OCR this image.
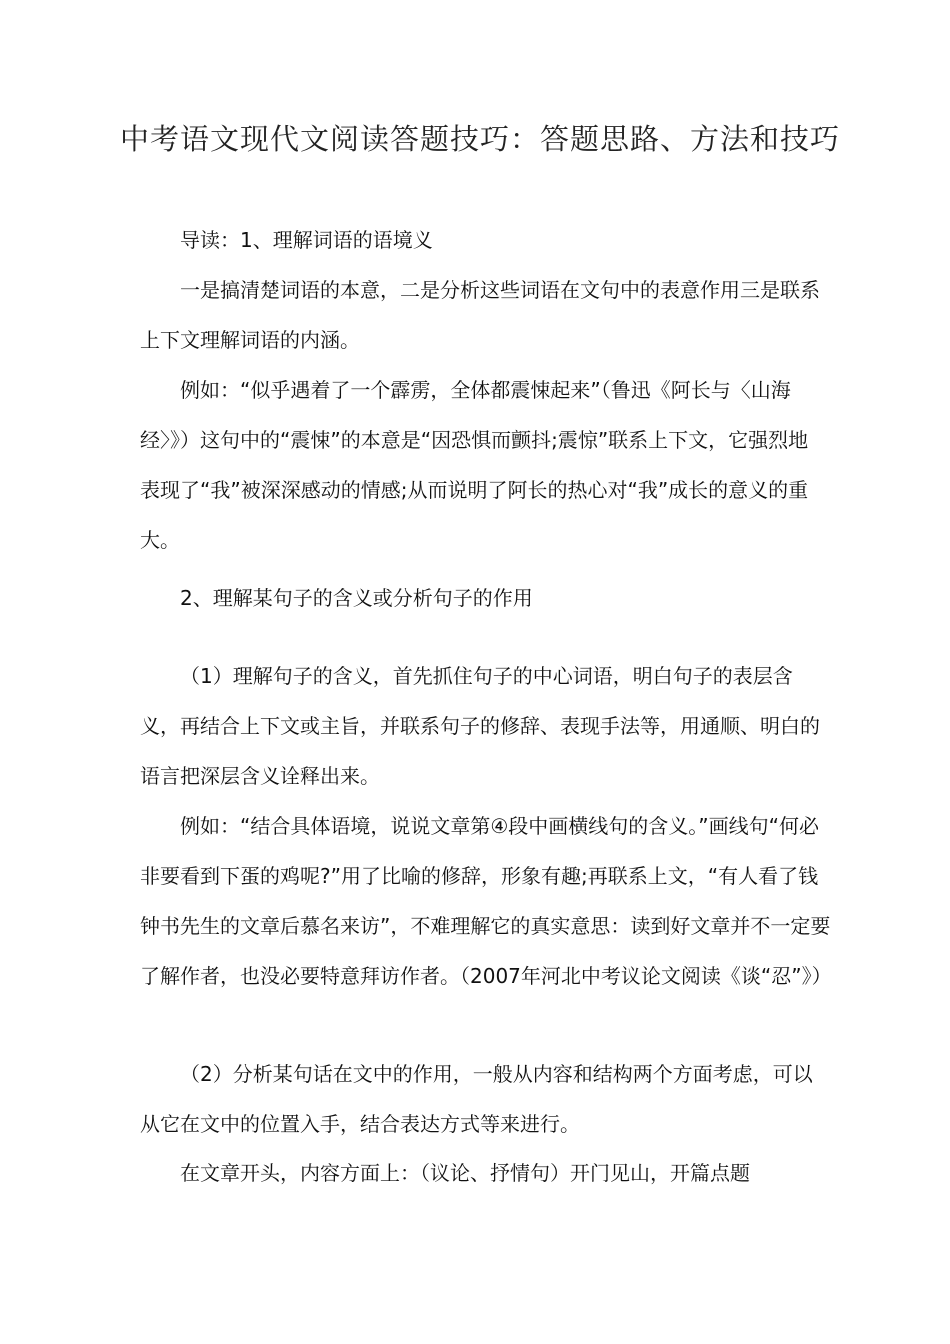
中考语文现代文阅读答题技巧：答题思路、方法和技巧
导读：1、理解词语的语境义
一是搞清楚词语的本意，二是分析这些词语在文句中的表意作用三是联系上下文理解词语的内涵。
例如：“似乎遇着了一个霹雳，全体都震悚起来”（鲁迅《阿长与〈山海经〉》）这句中的“震悚”的本意是“因恐惧而颤抖;震惊”联系上下文，它强烈地表现了“我”被深深感动的情感;从而说明了阿长的热心对“我”成长的意义的重大。
2、理解某句子的含义或分析句子的作用
（1）理解句子的含义，首先抓住句子的中心词语，明白句子的表层含义，再结合上下文或主旨，并联系句子的修辞、表现手法等，用通顺、明白的语言把深层含义诠释出来。
例如：“结合具体语境，说说文章第④段中画横线句的含义。”画线句“何必非要看到下蛋的鸡呢?”用了比喻的修辞，形象有趣;再联系上文，“有人看了钱钟书先生的文章后慕名来访”，不难理解它的真实意思：读到好文章并不一定要了解作者，也没必要特意拜访作者。（2007年河北中考议论文阅读《谈“忍”》）
（2）分析某句话在文中的作用，一般从内容和结构两个方面考虑，可以从它在文中的位置入手，结合表达方式等来进行。
在文章开头，内容方面上：（议论、抒情句）开门见山，开篇点题
